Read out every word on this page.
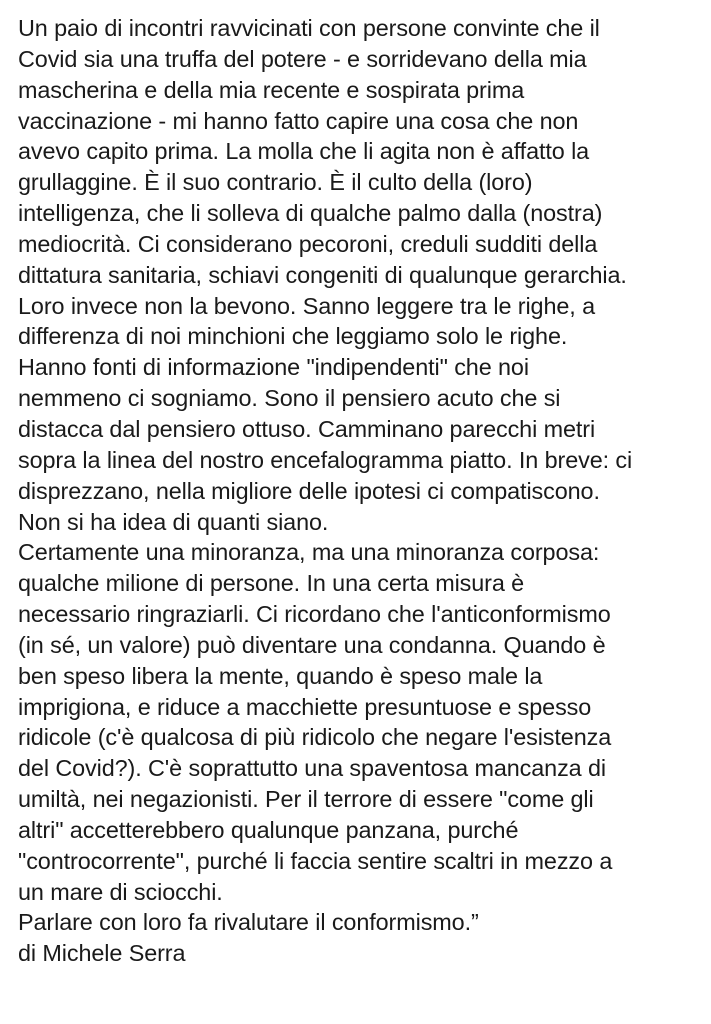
Un paio di incontri ravvicinati con persone convinte che il
Covid sia una truffa del potere - e sorridevano della mia
mascherina e della mia recente e sospirata prima
vaccinazione - mi hanno fatto capire una cosa che non
avevo capito prima. La molla che li agita non è affatto la
grullaggine. È il suo contrario. È il culto della (loro)
intelligenza, che li solleva di qualche palmo dalla (nostra)
mediocrità. Ci considerano pecoroni, creduli sudditi della
dittatura sanitaria, schiavi congeniti di qualunque gerarchia.
Loro invece non la bevono. Sanno leggere tra le righe, a
differenza di noi minchioni che leggiamo solo le righe.
Hanno fonti di informazione "indipendenti" che noi
nemmeno ci sogniamo. Sono il pensiero acuto che si
distacca dal pensiero ottuso. Camminano parecchi metri
sopra la linea del nostro encefalogramma piatto. In breve: ci
disprezzano, nella migliore delle ipotesi ci compatiscono.
Non si ha idea di quanti siano.
Certamente una minoranza, ma una minoranza corposa:
qualche milione di persone. In una certa misura è
necessario ringraziarli. Ci ricordano che l'anticonformismo
(in sé, un valore) può diventare una condanna. Quando è
ben speso libera la mente, quando è speso male la
imprigiona, e riduce a macchiette presuntuose e spesso
ridicole (c'è qualcosa di più ridicolo che negare l'esistenza
del Covid?). C'è soprattutto una spaventosa mancanza di
umiltà, nei negazionisti. Per il terrore di essere "come gli
altri" accetterebbero qualunque panzana, purché
"controcorrente", purché li faccia sentire scaltri in mezzo a
un mare di sciocchi.
Parlare con loro fa rivalutare il conformismo.”
di Michele Serra
